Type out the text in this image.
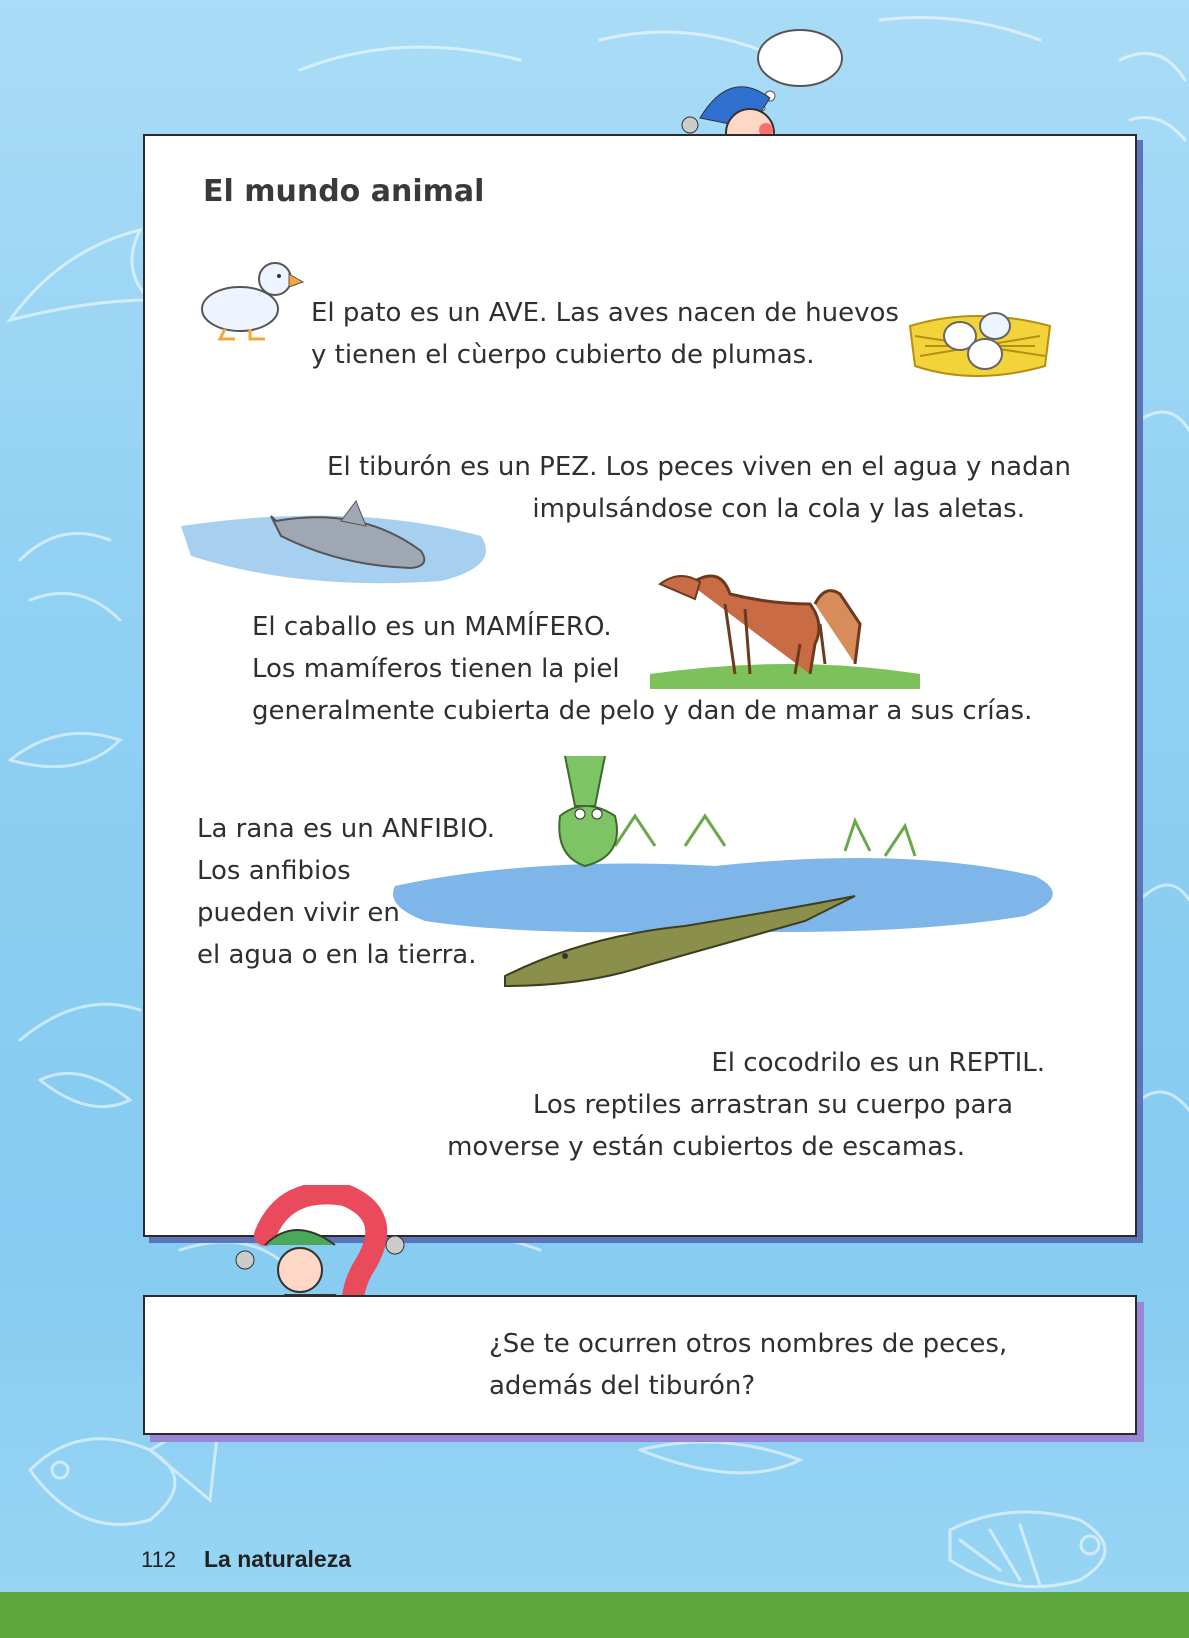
El mundo animal
El pato es un AVE. Las aves nacen de huevos
y tienen el cùerpo cubierto de plumas.
El tiburón es un PEZ. Los peces viven en el agua y nadan
impulsándose con la cola y las aletas.
El caballo es un MAMÍFERO.
Los mamíferos tienen la piel
generalmente cubierta de pelo y dan de mamar a sus crías.
La rana es un ANFIBIO.
Los anfibios
pueden vivir en
el agua o en la tierra.
El cocodrilo es un REPTIL.
Los reptiles arrastran su cuerpo para
moverse y están cubiertos de escamas.
¿Se te ocurren otros nombres de peces,
además del tiburón?
112 La naturaleza
